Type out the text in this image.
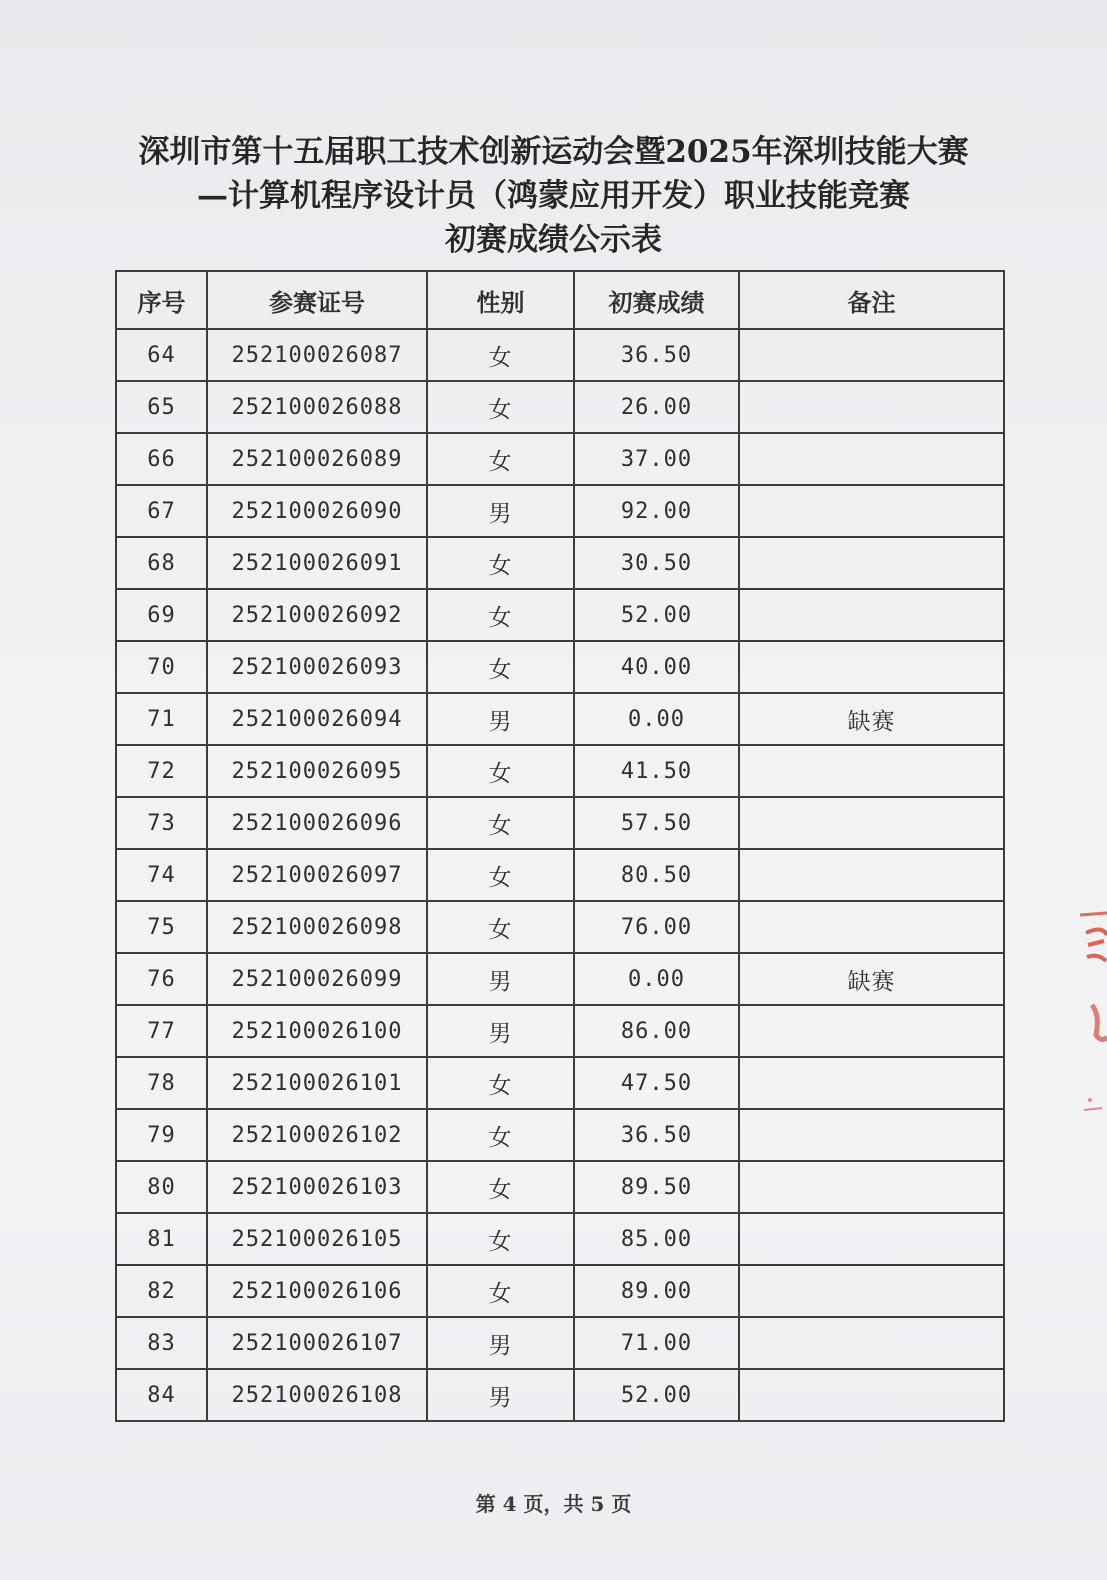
深圳市第十五届职工技术创新运动会暨2025年深圳技能大赛
—计算机程序设计员（鸿蒙应用开发）职业技能竞赛
初赛成绩公示表
序号	参赛证号	性别	初赛成绩	备注
64	252100026087	女	36.50	
65	252100026088	女	26.00	
66	252100026089	女	37.00	
67	252100026090	男	92.00	
68	252100026091	女	30.50	
69	252100026092	女	52.00	
70	252100026093	女	40.00	
71	252100026094	男	0.00	缺赛
72	252100026095	女	41.50	
73	252100026096	女	57.50	
74	252100026097	女	80.50	
75	252100026098	女	76.00	
76	252100026099	男	0.00	缺赛
77	252100026100	男	86.00	
78	252100026101	女	47.50	
79	252100026102	女	36.50	
80	252100026103	女	89.50	
81	252100026105	女	85.00	
82	252100026106	女	89.00	
83	252100026107	男	71.00	
84	252100026108	男	52.00	
第 4 页，共 5 页
